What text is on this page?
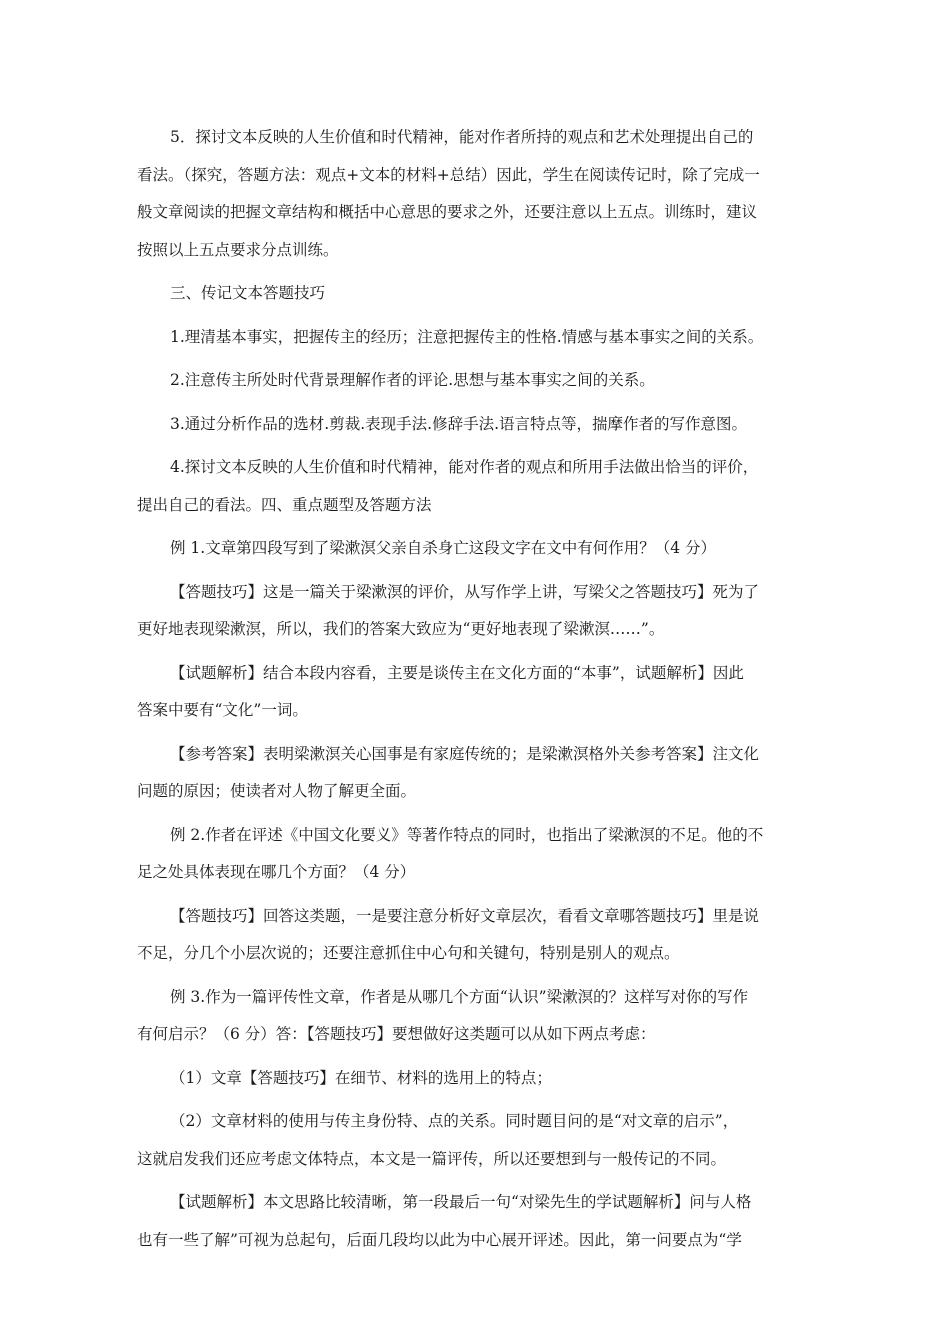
5．探讨文本反映的人生价值和时代精神，能对作者所持的观点和艺术处理提出自己的
看法。（探究，答题方法：观点+文本的材料+总结）因此，学生在阅读传记时，除了完成一
般文章阅读的把握文章结构和概括中心意思的要求之外，还要注意以上五点。训练时，建议
按照以上五点要求分点训练。

三、传记文本答题技巧

1.理清基本事实，把握传主的经历；注意把握传主的性格.情感与基本事实之间的关系。

2.注意传主所处时代背景理解作者的评论.思想与基本事实之间的关系。

3.通过分析作品的选材.剪裁.表现手法.修辞手法.语言特点等，揣摩作者的写作意图。

4.探讨文本反映的人生价值和时代精神，能对作者的观点和所用手法做出恰当的评价，
提出自己的看法。四、重点题型及答题方法

例 1.文章第四段写到了梁漱溟父亲自杀身亡这段文字在文中有何作用？（4 分）

【答题技巧】这是一篇关于梁漱溟的评价，从写作学上讲，写梁父之答题技巧】死为了
更好地表现梁漱溟，所以，我们的答案大致应为“更好地表现了梁漱溟……”。

【试题解析】结合本段内容看，主要是谈传主在文化方面的“本事”，试题解析】因此
答案中要有“文化”一词。

【参考答案】表明梁漱溟关心国事是有家庭传统的；是梁漱溟格外关参考答案】注文化
问题的原因；使读者对人物了解更全面。

例 2.作者在评述《中国文化要义》等著作特点的同时，也指出了梁漱溟的不足。他的不
足之处具体表现在哪几个方面？（4 分）

【答题技巧】回答这类题，一是要注意分析好文章层次，看看文章哪答题技巧】里是说
不足，分几个小层次说的；还要注意抓住中心句和关键句，特别是别人的观点。

例 3.作为一篇评传性文章，作者是从哪几个方面“认识”梁漱溟的？这样写对你的写作
有何启示？（6 分）答：【答题技巧】要想做好这类题可以从如下两点考虑：

（1）文章【答题技巧】在细节、材料的选用上的特点；

（2）文章材料的使用与传主身份特、点的关系。同时题目问的是“对文章的启示”，
这就启发我们还应考虑文体特点，本文是一篇评传，所以还要想到与一般传记的不同。

【试题解析】本文思路比较清晰，第一段最后一句“对梁先生的学试题解析】问与人格
也有一些了解”可视为总起句，后面几段均以此为中心展开评述。因此，第一问要点为“学
